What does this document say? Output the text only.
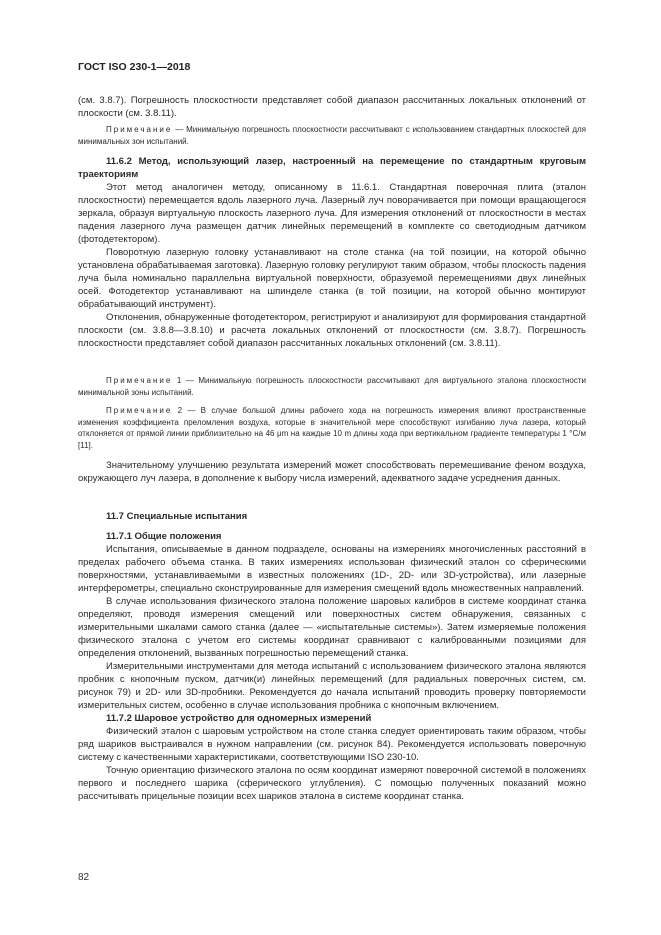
ГОСТ ISO 230-1—2018

(см. 3.8.7). Погрешность плоскостности представляет собой диапазон рассчитанных локальных отклонений от плоскости (см. 3.8.11).

Примечание — Минимальную погрешность плоскостности рассчитывают с использованием стандартных плоскостей для минимальных зон испытаний.

11.6.2 Метод, использующий лазер, настроенный на перемещение по стандартным круговым траекториям

Этот метод аналогичен методу, описанному в 11.6.1. Стандартная поверочная плита (эталон плоскостности) перемещается вдоль лазерного луча. Лазерный луч поворачивается при помощи вращающегося зеркала, образуя виртуальную плоскость лазерного луча. Для измерения отклонений от плоскостности в местах падения лазерного луча размещен датчик линейных перемещений в комплекте со светодиодным датчиком (фотодетектором).

Поворотную лазерную головку устанавливают на столе станка (на той позиции, на которой обычно установлена обрабатываемая заготовка). Лазерную головку регулируют таким образом, чтобы плоскость падения луча была номинально параллельна виртуальной поверхности, образуемой перемещениями двух линейных осей. Фотодетектор устанавливают на шпинделе станка (в той позиции, на которой обычно монтируют обрабатывающий инструмент).

Отклонения, обнаруженные фотодетектором, регистрируют и анализируют для формирования стандартной плоскости (см. 3.8.8—3.8.10) и расчета локальных отклонений от плоскостности (см. 3.8.7). Погрешность плоскостности представляет собой диапазон рассчитанных локальных отклонений (см. 3.8.11).

Примечание 1 — Минимальную погрешность плоскостности рассчитывают для виртуального эталона плоскостности минимальной зоны испытаний.

Примечание 2 — В случае большой длины рабочего хода на погрешность измерения влияют пространственные изменения коэффициента преломления воздуха, которые в значительной мере способствуют изгибанию луча лазера, который отклоняется от прямой линии приблизительно на 46 μm на каждые 10 m длины хода при вертикальном градиенте температуры 1 °C/м [11].

Значительному улучшению результата измерений может способствовать перемешивание феном воздуха, окружающего луч лазера, в дополнение к выбору числа измерений, адекватного задаче усреднения данных.

11.7 Специальные испытания

11.7.1 Общие положения

Испытания, описываемые в данном подразделе, основаны на измерениях многочисленных расстояний в пределах рабочего объема станка. В таких измерениях использован физический эталон со сферическими поверхностями, устанавливаемыми в известных положениях (1D-, 2D- или 3D-устройства), или лазерные интерферометры, специально сконструированные для измерения смещений вдоль множественных направлений.

В случае использования физического эталона положение шаровых калибров в системе координат станка определяют, проводя измерения смещений или поверхностных систем обнаружения, связанных с измерительными шкалами самого станка (далее — «испытательные системы»). Затем измеряемые положения физического эталона с учетом его системы координат сравнивают с калиброванными позициями для определения отклонений, вызванных погрешностью перемещений станка.

Измерительными инструментами для метода испытаний с использованием физического эталона являются пробник с кнопочным пуском, датчик(и) линейных перемещений (для радиальных поверочных систем, см. рисунок 79) и 2D- или 3D-пробники. Рекомендуется до начала испытаний проводить проверку повторяемости измерительных систем, особенно в случае использования пробника с кнопочным включением.

11.7.2 Шаровое устройство для одномерных измерений

Физический эталон с шаровым устройством на столе станка следует ориентировать таким образом, чтобы ряд шариков выстраивался в нужном направлении (см. рисунок 84). Рекомендуется использовать поверочную систему с качественными характеристиками, соответствующими ISO 230-10.

Точную ориентацию физического эталона по осям координат измеряют поверочной системой в положениях первого и последнего шарика (сферического углубления). С помощью полученных показаний можно рассчитывать прицельные позиции всех шариков эталона в системе координат станка.

82
